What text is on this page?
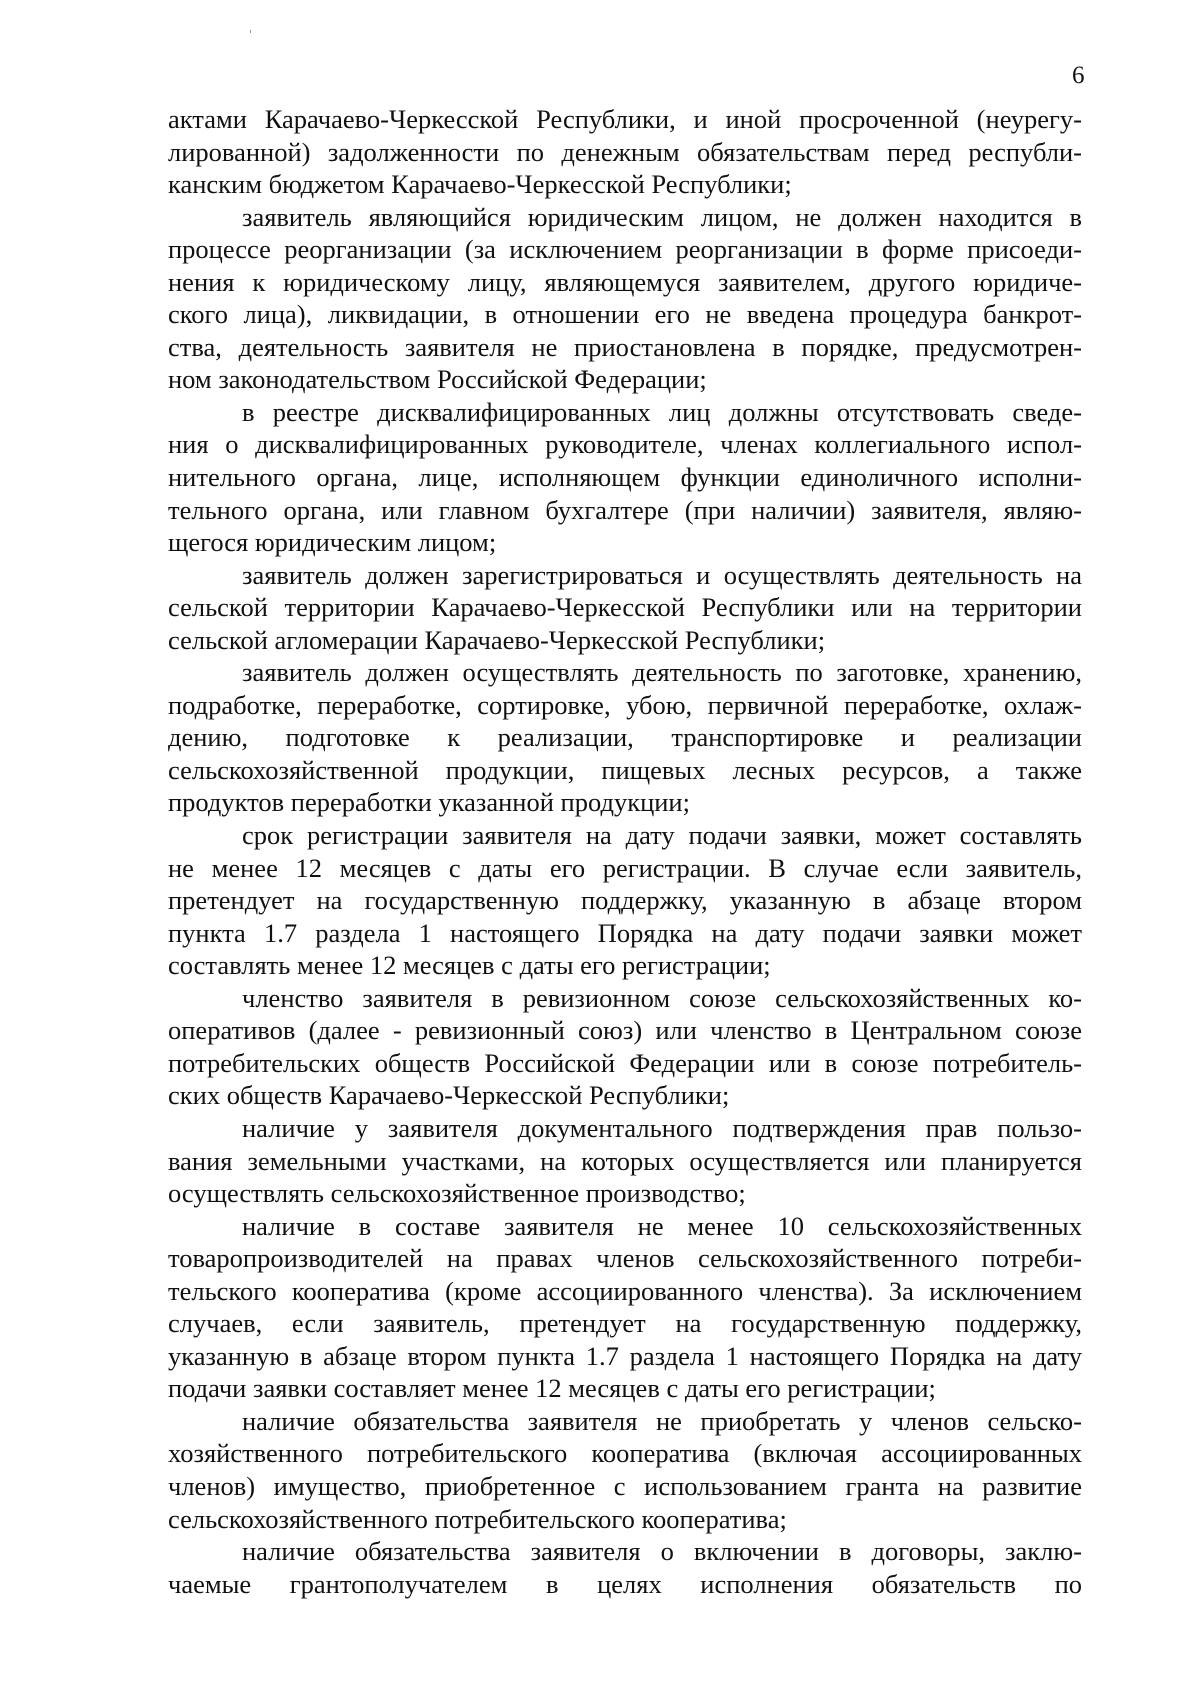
6
актами Карачаево-Черкесской Республики, и иной просроченной (неурегу-
лированной) задолженности по денежным обязательствам перед республи-
канским бюджетом Карачаево-Черкесской Республики;
заявитель являющийся юридическим лицом, не должен находится в
процессе реорганизации (за исключением реорганизации в форме присоеди-
нения к юридическому лицу, являющемуся заявителем, другого юридиче-
ского лица), ликвидации, в отношении его не введена процедура банкрот-
ства, деятельность заявителя не приостановлена в порядке, предусмотрен-
ном законодательством Российской Федерации;
в реестре дисквалифицированных лиц должны отсутствовать сведе-
ния о дисквалифицированных руководителе, членах коллегиального испол-
нительного органа, лице, исполняющем функции единоличного исполни-
тельного органа, или главном бухгалтере (при наличии) заявителя, являю-
щегося юридическим лицом;
заявитель должен зарегистрироваться и осуществлять деятельность на
сельской территории Карачаево-Черкесской Республики или на территории
сельской агломерации Карачаево-Черкесской Республики;
заявитель должен осуществлять деятельность по заготовке, хранению,
подработке, переработке, сортировке, убою, первичной переработке, охлаж-
дению, подготовке к реализации, транспортировке и реализации
сельскохозяйственной продукции, пищевых лесных ресурсов, а также
продуктов переработки указанной продукции;
срок регистрации заявителя на дату подачи заявки, может составлять
не менее 12 месяцев с даты его регистрации. В случае если заявитель,
претендует на государственную поддержку, указанную в абзаце втором
пункта 1.7 раздела 1 настоящего Порядка на дату подачи заявки может
составлять менее 12 месяцев с даты его регистрации;
членство заявителя в ревизионном союзе сельскохозяйственных ко-
оперативов (далее - ревизионный союз) или членство в Центральном союзе
потребительских обществ Российской Федерации или в союзе потребитель-
ских обществ Карачаево-Черкесской Республики;
наличие у заявителя документального подтверждения прав пользо-
вания земельными участками, на которых осуществляется или планируется
осуществлять сельскохозяйственное производство;
наличие в составе заявителя не менее 10 сельскохозяйственных
товаропроизводителей на правах членов сельскохозяйственного потреби-
тельского кооператива (кроме ассоциированного членства). За исключением
случаев, если заявитель, претендует на государственную поддержку,
указанную в абзаце втором пункта 1.7 раздела 1 настоящего Порядка на дату
подачи заявки составляет менее 12 месяцев с даты его регистрации;
наличие обязательства заявителя не приобретать у членов сельско-
хозяйственного потребительского кооператива (включая ассоциированных
членов) имущество, приобретенное с использованием гранта на развитие
сельскохозяйственного потребительского кооператива;
наличие обязательства заявителя о включении в договоры, заклю-
чаемые грантополучателем в целях исполнения обязательств по
